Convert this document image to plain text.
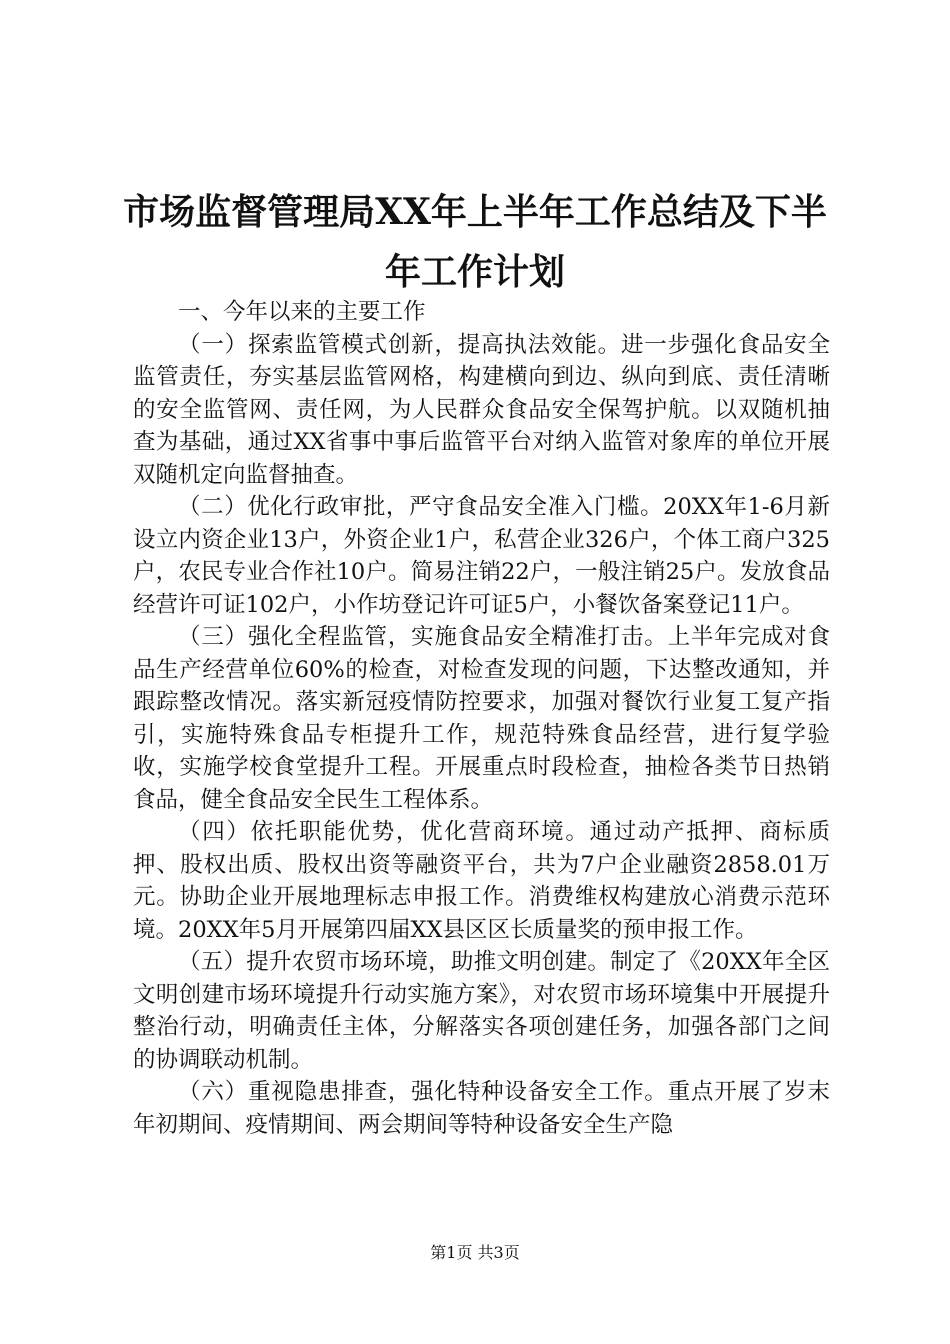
市场监督管理局XX年上半年工作总结及下半年工作计划

一、今年以来的主要工作

（一）探索监管模式创新，提高执法效能。进一步强化食品安全监管责任，夯实基层监管网格，构建横向到边、纵向到底、责任清晰的安全监管网、责任网，为人民群众食品安全保驾护航。以双随机抽查为基础，通过XX省事中事后监管平台对纳入监管对象库的单位开展双随机定向监督抽查。

（二）优化行政审批，严守食品安全准入门槛。20XX年1-6月新设立内资企业13户，外资企业1户，私营企业326户，个体工商户325户，农民专业合作社10户。简易注销22户，一般注销25户。发放食品经营许可证102户，小作坊登记许可证5户，小餐饮备案登记11户。

（三）强化全程监管，实施食品安全精准打击。上半年完成对食品生产经营单位60%的检查，对检查发现的问题，下达整改通知，并跟踪整改情况。落实新冠疫情防控要求，加强对餐饮行业复工复产指引，实施特殊食品专柜提升工作，规范特殊食品经营，进行复学验收，实施学校食堂提升工程。开展重点时段检查，抽检各类节日热销食品，健全食品安全民生工程体系。

（四）依托职能优势，优化营商环境。通过动产抵押、商标质押、股权出质、股权出资等融资平台，共为7户企业融资2858.01万元。协助企业开展地理标志申报工作。消费维权构建放心消费示范环境。20XX年5月开展第四届XX县区区长质量奖的预申报工作。

（五）提升农贸市场环境，助推文明创建。制定了《20XX年全区文明创建市场环境提升行动实施方案》，对农贸市场环境集中开展提升整治行动，明确责任主体，分解落实各项创建任务，加强各部门之间的协调联动机制。

（六）重视隐患排查，强化特种设备安全工作。重点开展了岁末年初期间、疫情期间、两会期间等特种设备安全生产隐

第1页 共3页
